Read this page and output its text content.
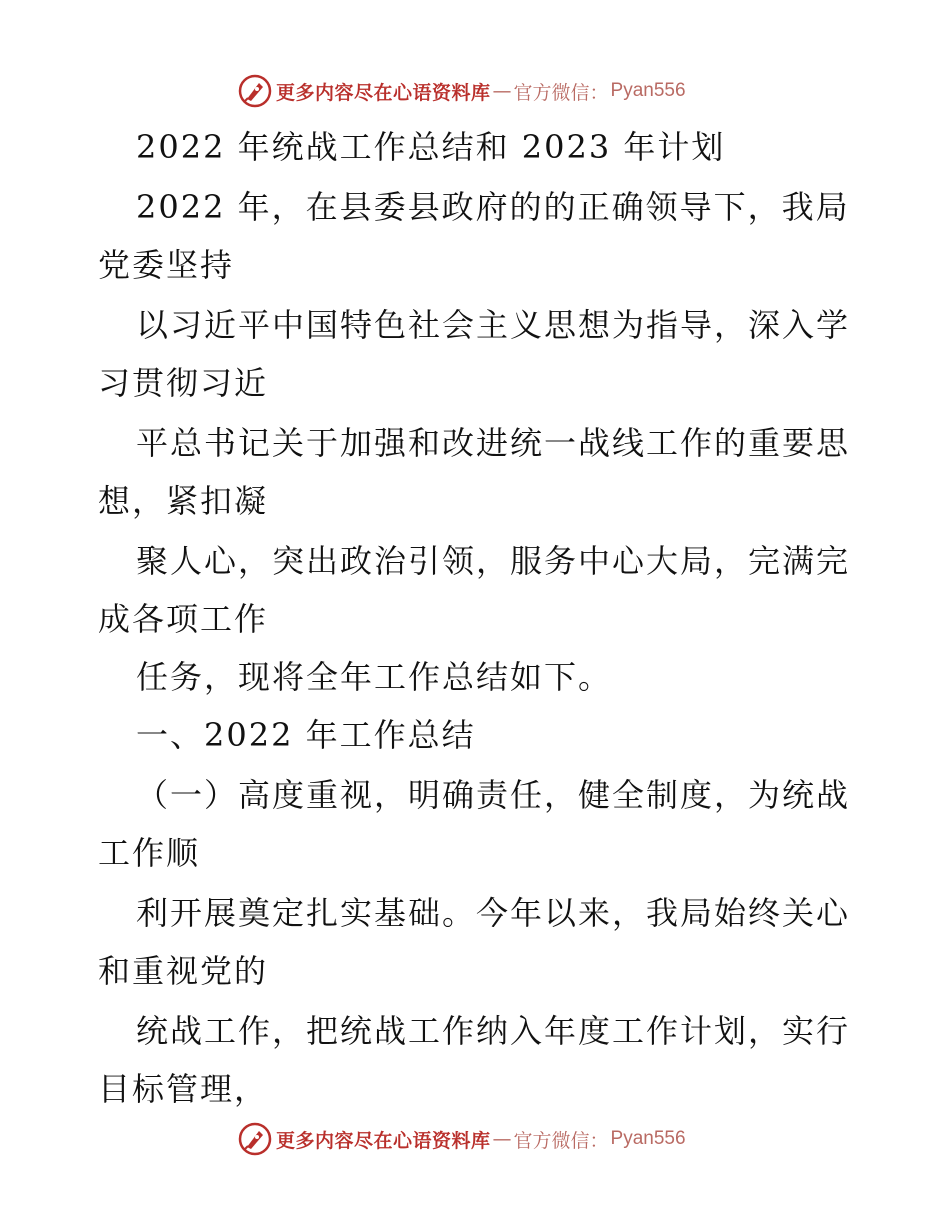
更多内容尽在心语资料库 — 官方微信： Pyan556
2022 年统战工作总结和 2023 年计划
2022 年，在县委县政府的的正确领导下，我局
党委坚持
以习近平中国特色社会主义思想为指导，深入学
习贯彻习近
平总书记关于加强和改进统一战线工作的重要思
想，紧扣凝
聚人心，突出政治引领，服务中心大局，完满完
成各项工作
任务，现将全年工作总结如下。
一、2022 年工作总结
（一）高度重视，明确责任，健全制度，为统战
工作顺
利开展奠定扎实基础。今年以来，我局始终关心
和重视党的
统战工作，把统战工作纳入年度工作计划，实行
目标管理，
更多内容尽在心语资料库 — 官方微信： Pyan556
